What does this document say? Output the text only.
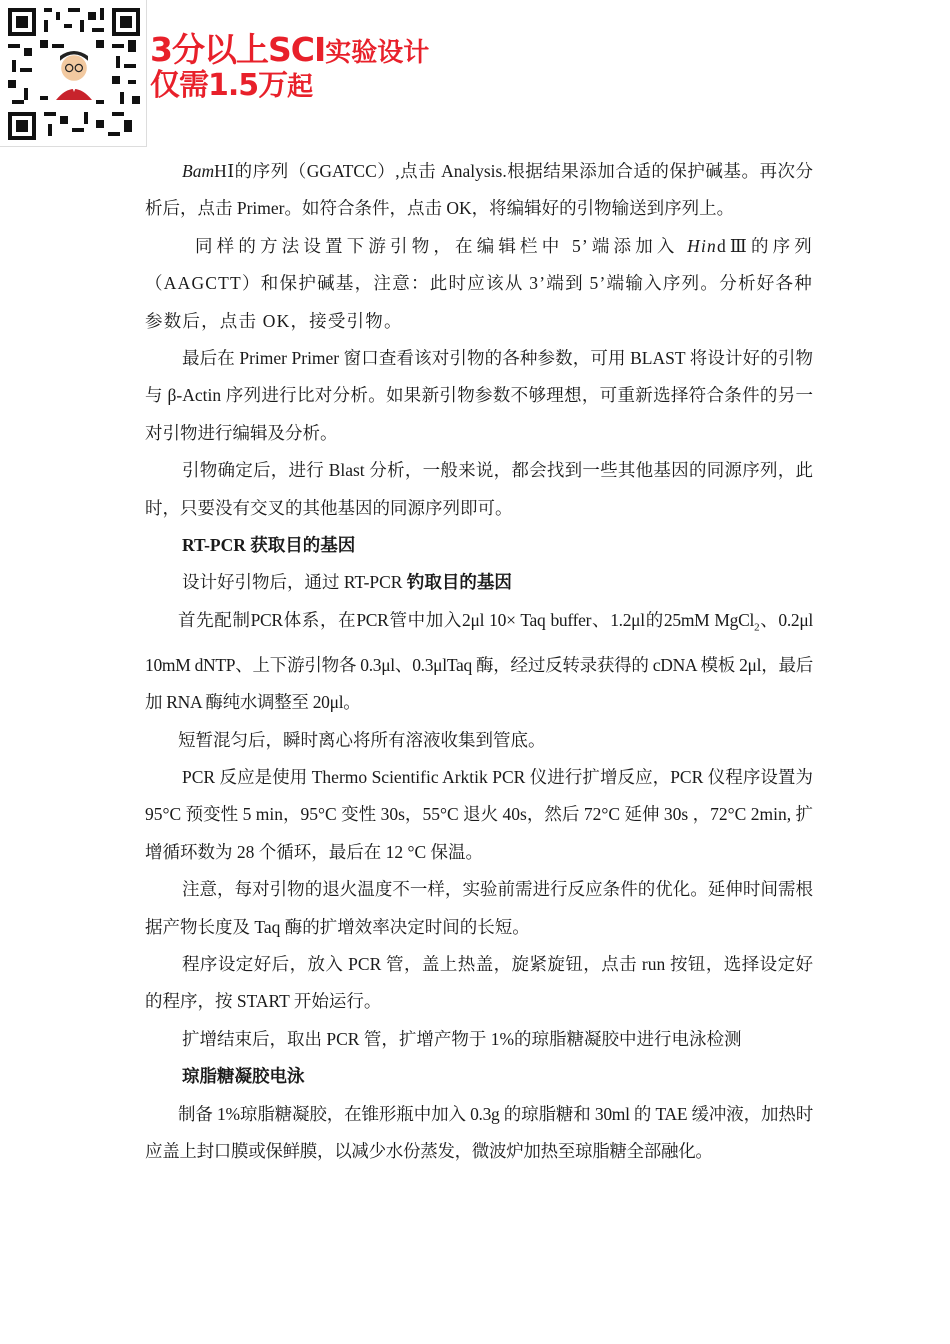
3分以上SCI实验设计
仅需1.5万起

BamHⅠ的序列（GGATCC）,点击 Analysis.根据结果添加合适的保护碱基。再次分析后，点击 Primer。如符合条件，点击 OK，将编辑好的引物输送到序列上。

同样的方法设置下游引物，在编辑栏中 5’端添加入 HindⅢ的序列（AAGCTT）和保护碱基，注意：此时应该从 3’端到 5’端输入序列。分析好各种参数后，点击 OK，接受引物。

最后在 Primer Primer 窗口查看该对引物的各种参数，可用 BLAST 将设计好的引物与 β-Actin 序列进行比对分析。如果新引物参数不够理想，可重新选择符合条件的另一对引物进行编辑及分析。

引物确定后，进行 Blast 分析，一般来说，都会找到一些其他基因的同源序列，此时，只要没有交叉的其他基因的同源序列即可。

RT-PCR 获取目的基因

设计好引物后，通过 RT-PCR 钓取目的基因

首先配制PCR体系，在PCR管中加入2μl 10× Taq buffer、1.2μl的25mM MgCl$_2$、0.2μl 10mM dNTP、上下游引物各 0.3μl、0.3μlTaq 酶，经过反转录获得的 cDNA 模板 2μl，最后加 RNA 酶纯水调整至 20μl。

短暂混匀后，瞬时离心将所有溶液收集到管底。

PCR 反应是使用 Thermo Scientific Arktik PCR 仪进行扩增反应，PCR 仪程序设置为 95°C 预变性 5 min，95°C 变性 30s，55°C 退火 40s，然后 72°C 延伸 30s ，72°C 2min, 扩增循环数为 28 个循环，最后在 12 °C 保温。

注意，每对引物的退火温度不一样，实验前需进行反应条件的优化。延伸时间需根据产物长度及 Taq 酶的扩增效率决定时间的长短。

程序设定好后，放入 PCR 管，盖上热盖，旋紧旋钮，点击 run 按钮，选择设定好的程序，按 START 开始运行。

扩增结束后，取出 PCR 管，扩增产物于 1%的琼脂糖凝胶中进行电泳检测

琼脂糖凝胶电泳

制备 1%琼脂糖凝胶，在锥形瓶中加入 0.3g 的琼脂糖和 30ml 的 TAE 缓冲液，加热时应盖上封口膜或保鲜膜，以减少水份蒸发，微波炉加热至琼脂糖全部融化。
